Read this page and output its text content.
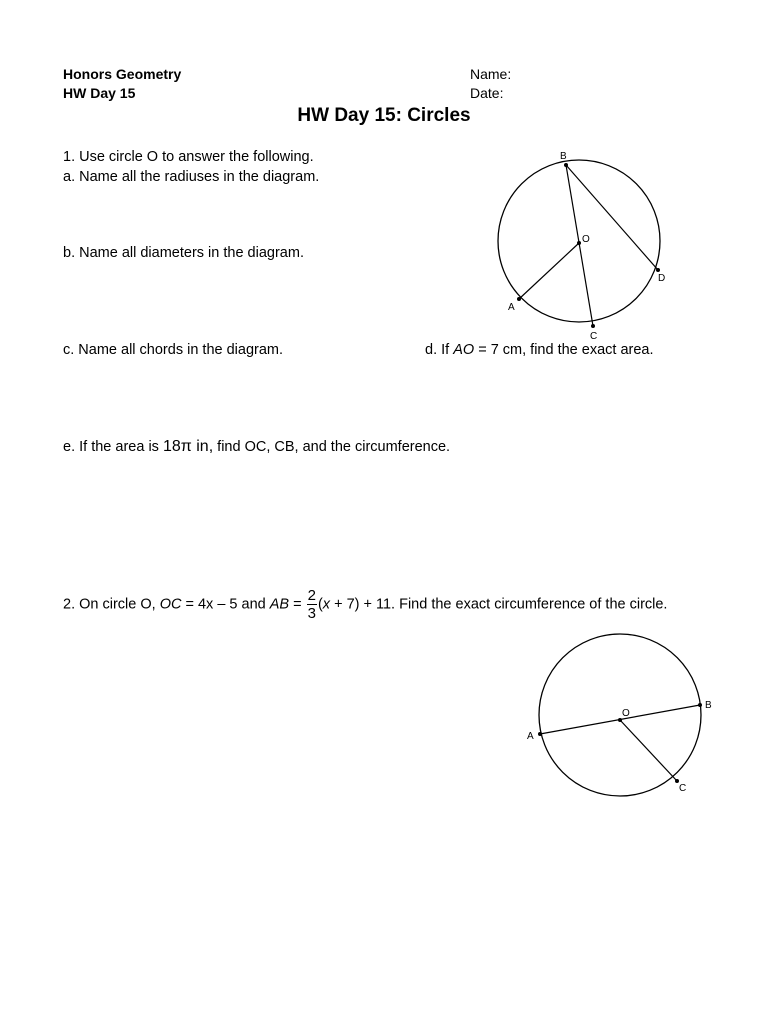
Honors Geometry
HW Day 15
Name:
Date:
HW Day 15: Circles
1. Use circle O to answer the following.
a. Name all the radiuses in the diagram.
b. Name all diameters in the diagram.
c. Name all chords in the diagram.	d. If AO = 7 cm, find the exact area.
e. If the area is 18π in, find OC, CB, and the circumference.
B
O
D
A
C
2. On circle O, OC = 4x – 5 and AB = $\frac{2}{3} (x + 7) + 11$. Find the exact circumference of the circle.
O
B
A
C
